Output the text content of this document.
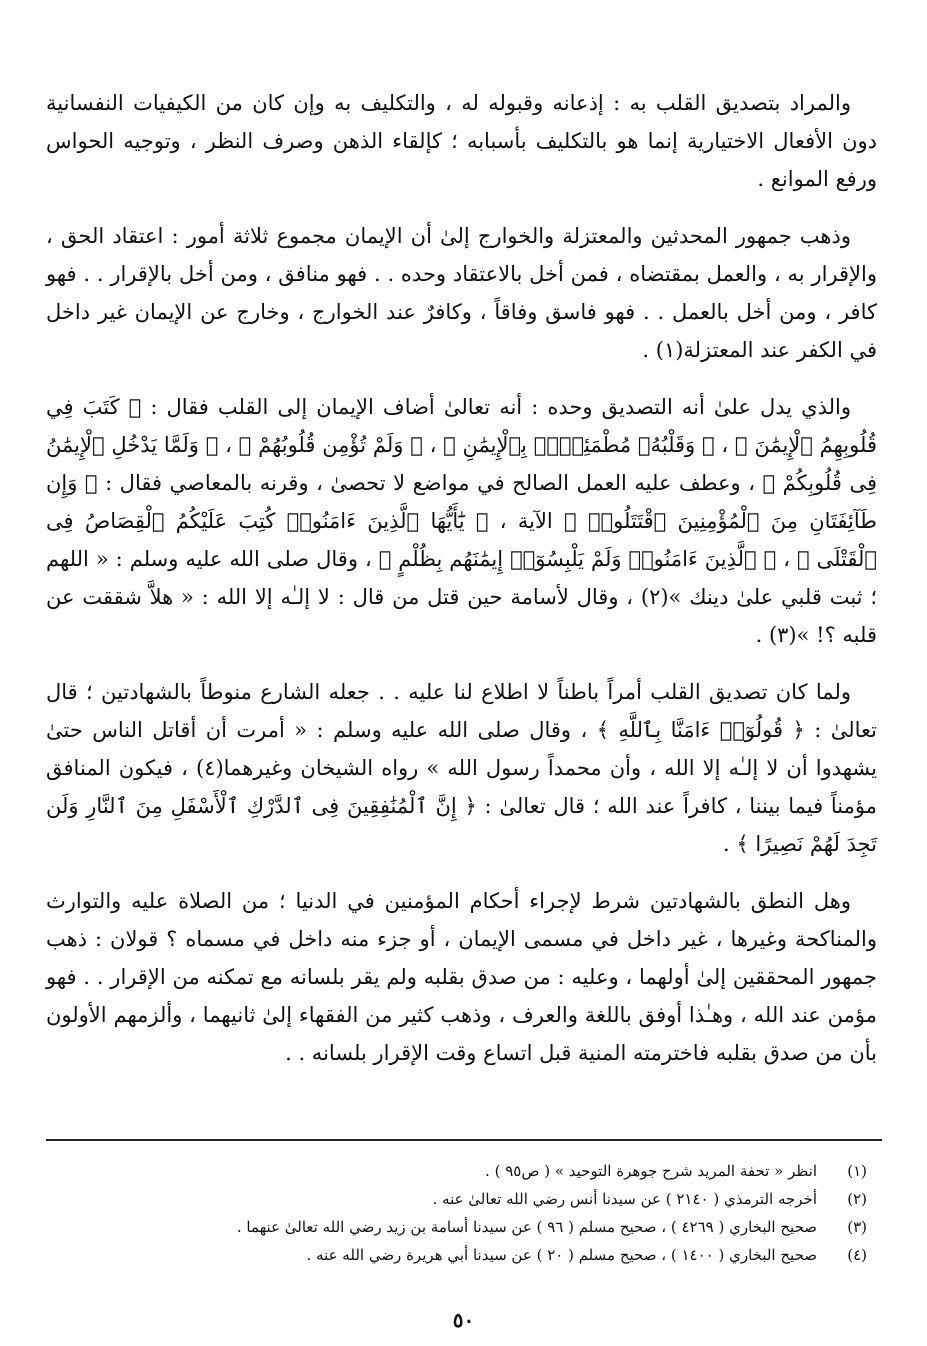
والمراد بتصديق القلب به : إذعانه وقبوله له ، والتكليف به وإن كان من الكيفيات النفسانية دون الأفعال الاختيارية إنما هو بالتكليف بأسبابه ؛ كإلقاء الذهن وصرف النظر ، وتوجيه الحواس ورفع الموانع .

وذهب جمهور المحدثين والمعتزلة والخوارج إلىٰ أن الإيمان مجموع ثلاثة أمور : اعتقاد الحق ، والإقرار به ، والعمل بمقتضاه ، فمن أخل بالاعتقاد وحده . . فهو منافق ، ومن أخل بالإقرار . . فهو كافر ، ومن أخل بالعمل . . فهو فاسق وفاقاً ، وكافرٌ عند الخوارج ، وخارج عن الإيمان غير داخل في الكفر عند المعتزلة(١) .

والذي يدل علىٰ أنه التصديق وحده : أنه تعالىٰ أضاف الإيمان إلى القلب فقال : ﴿ كَتَبَ فِي قُلُوبِهِمُ ٱلْإِيمَٰنَ ﴾ ، ﴿ وَقَلْبُهُۥ مُطْمَئِنٌّۢ بِٱلْإِيمَٰنِ ﴾ ، ﴿ وَلَمْ تُؤْمِن قُلُوبُهُمْ ﴾ ، ﴿ وَلَمَّا يَدْخُلِ ٱلْإِيمَٰنُ فِى قُلُوبِكُمْ ﴾ ، وعطف عليه العمل الصالح في مواضع لا تحصىٰ ، وقرنه بالمعاصي فقال : ﴿ وَإِن طَآئِفَتَانِ مِنَ ٱلْمُؤْمِنِينَ ٱقْتَتَلُوا۟ ﴾ الآية ، ﴿ يَٰٓأَيُّهَا ٱلَّذِينَ ءَامَنُوا۟ كُتِبَ عَلَيْكُمُ ٱلْقِصَاصُ فِى ٱلْقَتْلَى ﴾ ، ﴿ ٱلَّذِينَ ءَامَنُوا۟ وَلَمْ يَلْبِسُوٓا۟ إِيمَٰنَهُم بِظُلْمٍ ﴾ ، وقال صلى الله عليه وسلم : « اللهم ؛ ثبت قلبي علىٰ دينك »(٢) ، وقال لأسامة حين قتل من قال : لا إلـٰه إلا الله : « هلاَّ شققت عن قلبه ؟! »(٣) .

ولما كان تصديق القلب أمراً باطناً لا اطلاع لنا عليه . . جعله الشارع منوطاً بالشهادتين ؛ قال تعالىٰ : ﴿ قُولُوٓا۟ ءَامَنَّا بِٱللَّهِ ﴾ ، وقال صلى الله عليه وسلم : « أمرت أن أقاتل الناس حتىٰ يشهدوا أن لا إلـٰه إلا الله ، وأن محمداً رسول الله » رواه الشيخان وغيرهما(٤) ، فيكون المنافق مؤمناً فيما بيننا ، كافراً عند الله ؛ قال تعالىٰ : ﴿ إِنَّ ٱلْمُنَٰفِقِينَ فِى ٱلدَّرْكِ ٱلْأَسْفَلِ مِنَ ٱلنَّارِ وَلَن تَجِدَ لَهُمْ نَصِيرًا ﴾ .

وهل النطق بالشهادتين شرط لإجراء أحكام المؤمنين في الدنيا ؛ من الصلاة عليه والتوارث والمناكحة وغيرها ، غير داخل في مسمى الإيمان ، أو جزء منه داخل في مسماه ؟ قولان : ذهب جمهور المحققين إلىٰ أولهما ، وعليه : من صدق بقلبه ولم يقر بلسانه مع تمكنه من الإقرار . . فهو مؤمن عند الله ، وهـٰذا أوفق باللغة والعرف ، وذهب كثير من الفقهاء إلىٰ ثانيهما ، وألزمهم الأولون بأن من صدق بقلبه فاخترمته المنية قبل اتساع وقت الإقرار بلسانه . .

(١)
انظر « تحفة المريد شرح جوهرة التوحيد » ( ص٩٥ ) .
(٢)
أخرجه الترمذي ( ٢١٤٠ ) عن سيدنا أنس رضي الله تعالىٰ عنه .
(٣)
صحيح البخاري ( ٤٢٦٩ ) ، صحيح مسلم ( ٩٦ ) عن سيدنا أسامة بن زيد رضي الله تعالىٰ عنهما .
(٤)
صحيح البخاري ( ١٤٠٠ ) ، صحيح مسلم ( ٢٠ ) عن سيدنا أبي هريرة رضي الله عنه .
٥٠
